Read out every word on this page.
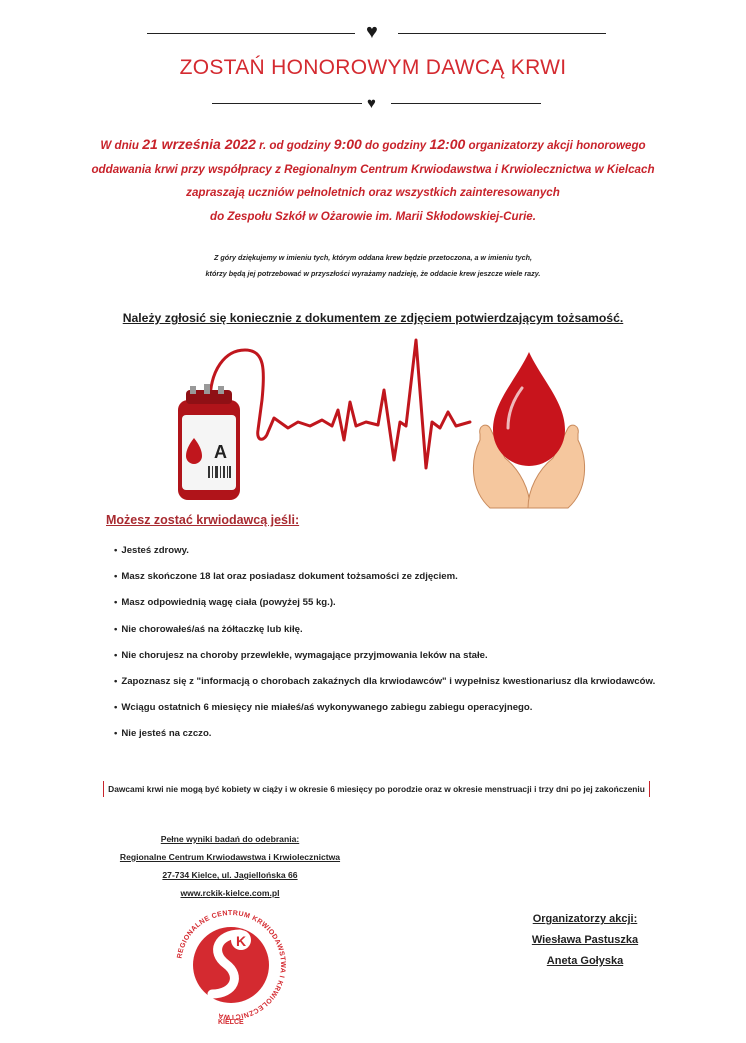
♥
ZOSTAŃ HONOROWYM DAWCĄ KRWI
♥
W dniu 21 września 2022 r. od godziny 9:00 do godziny 12:00 organizatorzy akcji honorowego
oddawania krwi przy współpracy z Regionalnym Centrum Krwiodawstwa i Krwiolecznictwa w Kielcach
zapraszają uczniów pełnoletnich oraz wszystkich zainteresowanych
do Zespołu Szkół w Ożarowie im. Marii Skłodowskiej-Curie.
Z góry dziękujemy w imieniu tych, którym oddana krew będzie przetoczona, a w imieniu tych,
którzy będą jej potrzebować w przyszłości wyrażamy nadzieję, że oddacie krew jeszcze wiele razy.
Należy zgłosić się koniecznie z dokumentem ze zdjęciem potwierdzającym tożsamość.
A
Możesz zostać krwiodawcą jeśli:
• Jesteś zdrowy.
• Masz skończone 18 lat oraz posiadasz dokument tożsamości ze zdjęciem.
• Masz odpowiednią wagę ciała (powyżej 55 kg.).
• Nie chorowałeś/aś na żółtaczkę lub kiłę.
• Nie chorujesz na choroby przewlekłe, wymagające przyjmowania leków na stałe.
• Zapoznasz się z "informacją o chorobach zakaźnych dla krwiodawców" i wypełnisz kwestionariusz dla krwiodawców.
• Wciągu ostatnich 6 miesięcy nie miałeś/aś wykonywanego zabiegu zabiegu operacyjnego.
• Nie jesteś na czczo.
Dawcami krwi nie mogą być kobiety w ciąży i w okresie 6 miesięcy po porodzie oraz w okresie menstruacji i trzy dni po jej zakończeniu
Pełne wyniki badań do odebrania:
Regionalne Centrum Krwiodawstwa i Krwiolecznictwa
27-734 Kielce, ul. Jagiellońska 66
www.rckik-kielce.com.pl
K
REGIONALNE CENTRUM KRWIODAWSTWA I KRWIOLECZNICTWA
KIELCE
Organizatorzy akcji:
Wiesława Pastuszka
Aneta Gołyska
